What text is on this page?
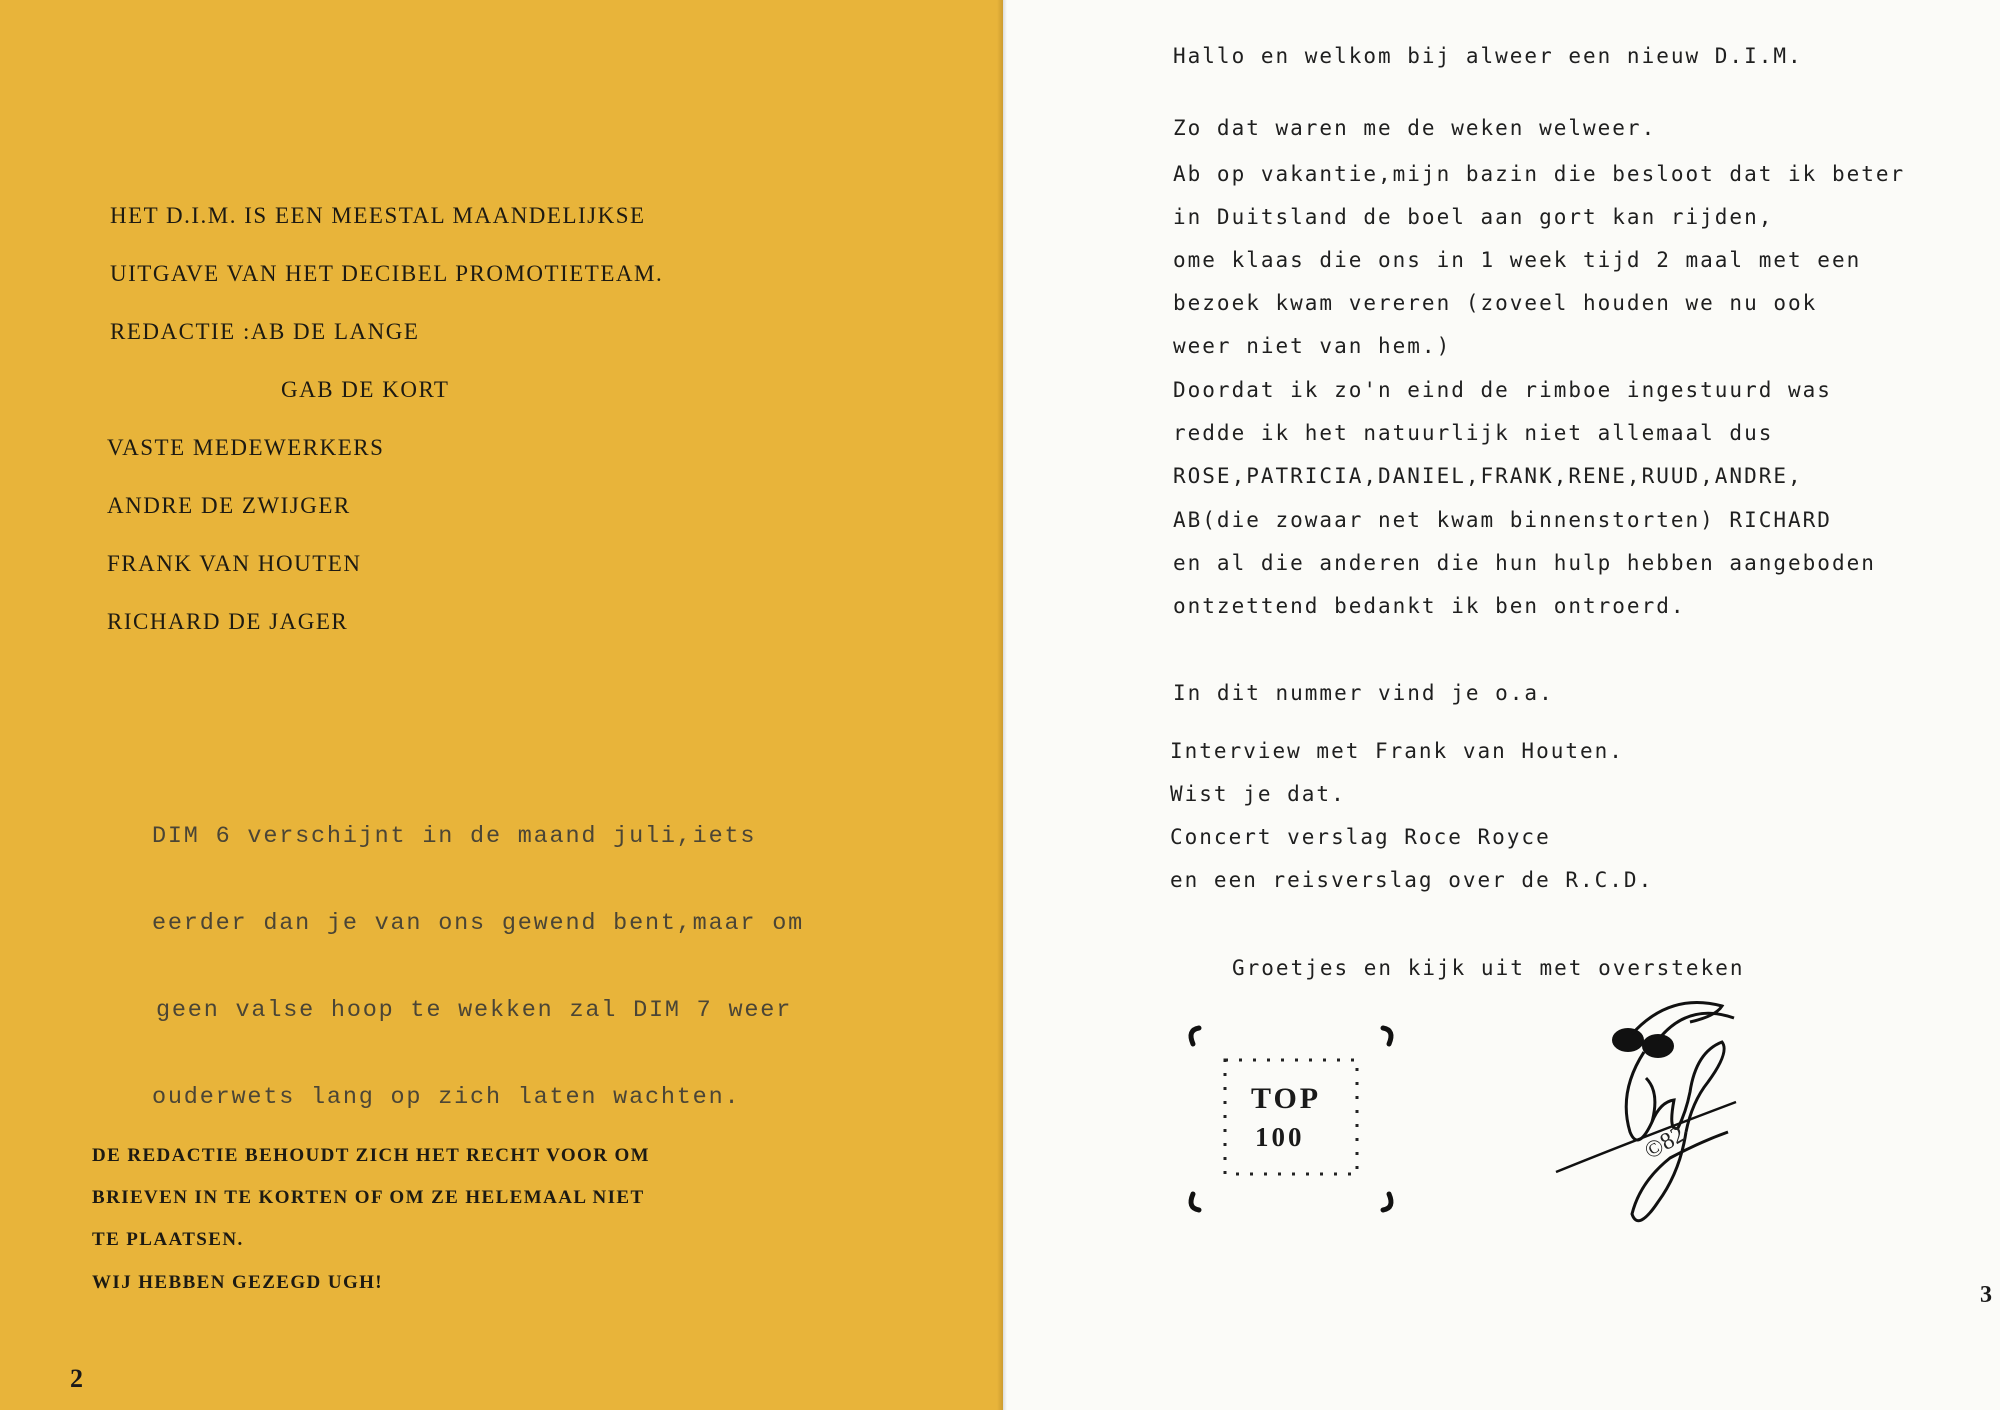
HET D.I.M. IS EEN MEESTAL MAANDELIJKSE
UITGAVE VAN HET DECIBEL PROMOTIETEAM.
REDACTIE :AB DE LANGE
GAB DE KORT
VASTE MEDEWERKERS
ANDRE DE ZWIJGER
FRANK VAN HOUTEN
RICHARD DE JAGER

DIM 6 verschijnt in de maand juli,iets

eerder dan je van ons gewend bent,maar om

geen valse hoop te wekken zal DIM 7 weer

ouderwets lang op zich laten wachten.

DE REDACTIE BEHOUDT ZICH HET RECHT VOOR OM
BRIEVEN IN TE KORTEN OF OM ZE HELEMAAL NIET
TE PLAATSEN.
WIJ HEBBEN GEZEGD UGH!
2
Hallo en welkom bij alweer een nieuw D.I.M.
Zo dat waren me de weken welweer.
Ab op vakantie,mijn bazin die besloot dat ik beter
in Duitsland de boel aan gort kan rijden,
ome klaas die ons in 1 week tijd 2 maal met een
bezoek kwam vereren (zoveel houden we nu ook
weer niet van hem.)
Doordat ik zo'n eind de rimboe ingestuurd was
redde ik het natuurlijk niet allemaal dus
ROSE,PATRICIA,DANIEL,FRANK,RENE,RUUD,ANDRE,
AB(die zowaar net kwam binnenstorten) RICHARD
en al die anderen die hun hulp hebben aangeboden
ontzettend bedankt ik ben ontroerd.
In dit nummer vind je o.a.
Interview met Frank van Houten.
Wist je dat.
Concert verslag Roce Royce
en een reisverslag over de R.C.D.
Groetjes en kijk uit met oversteken
TOP
100	©82
3
